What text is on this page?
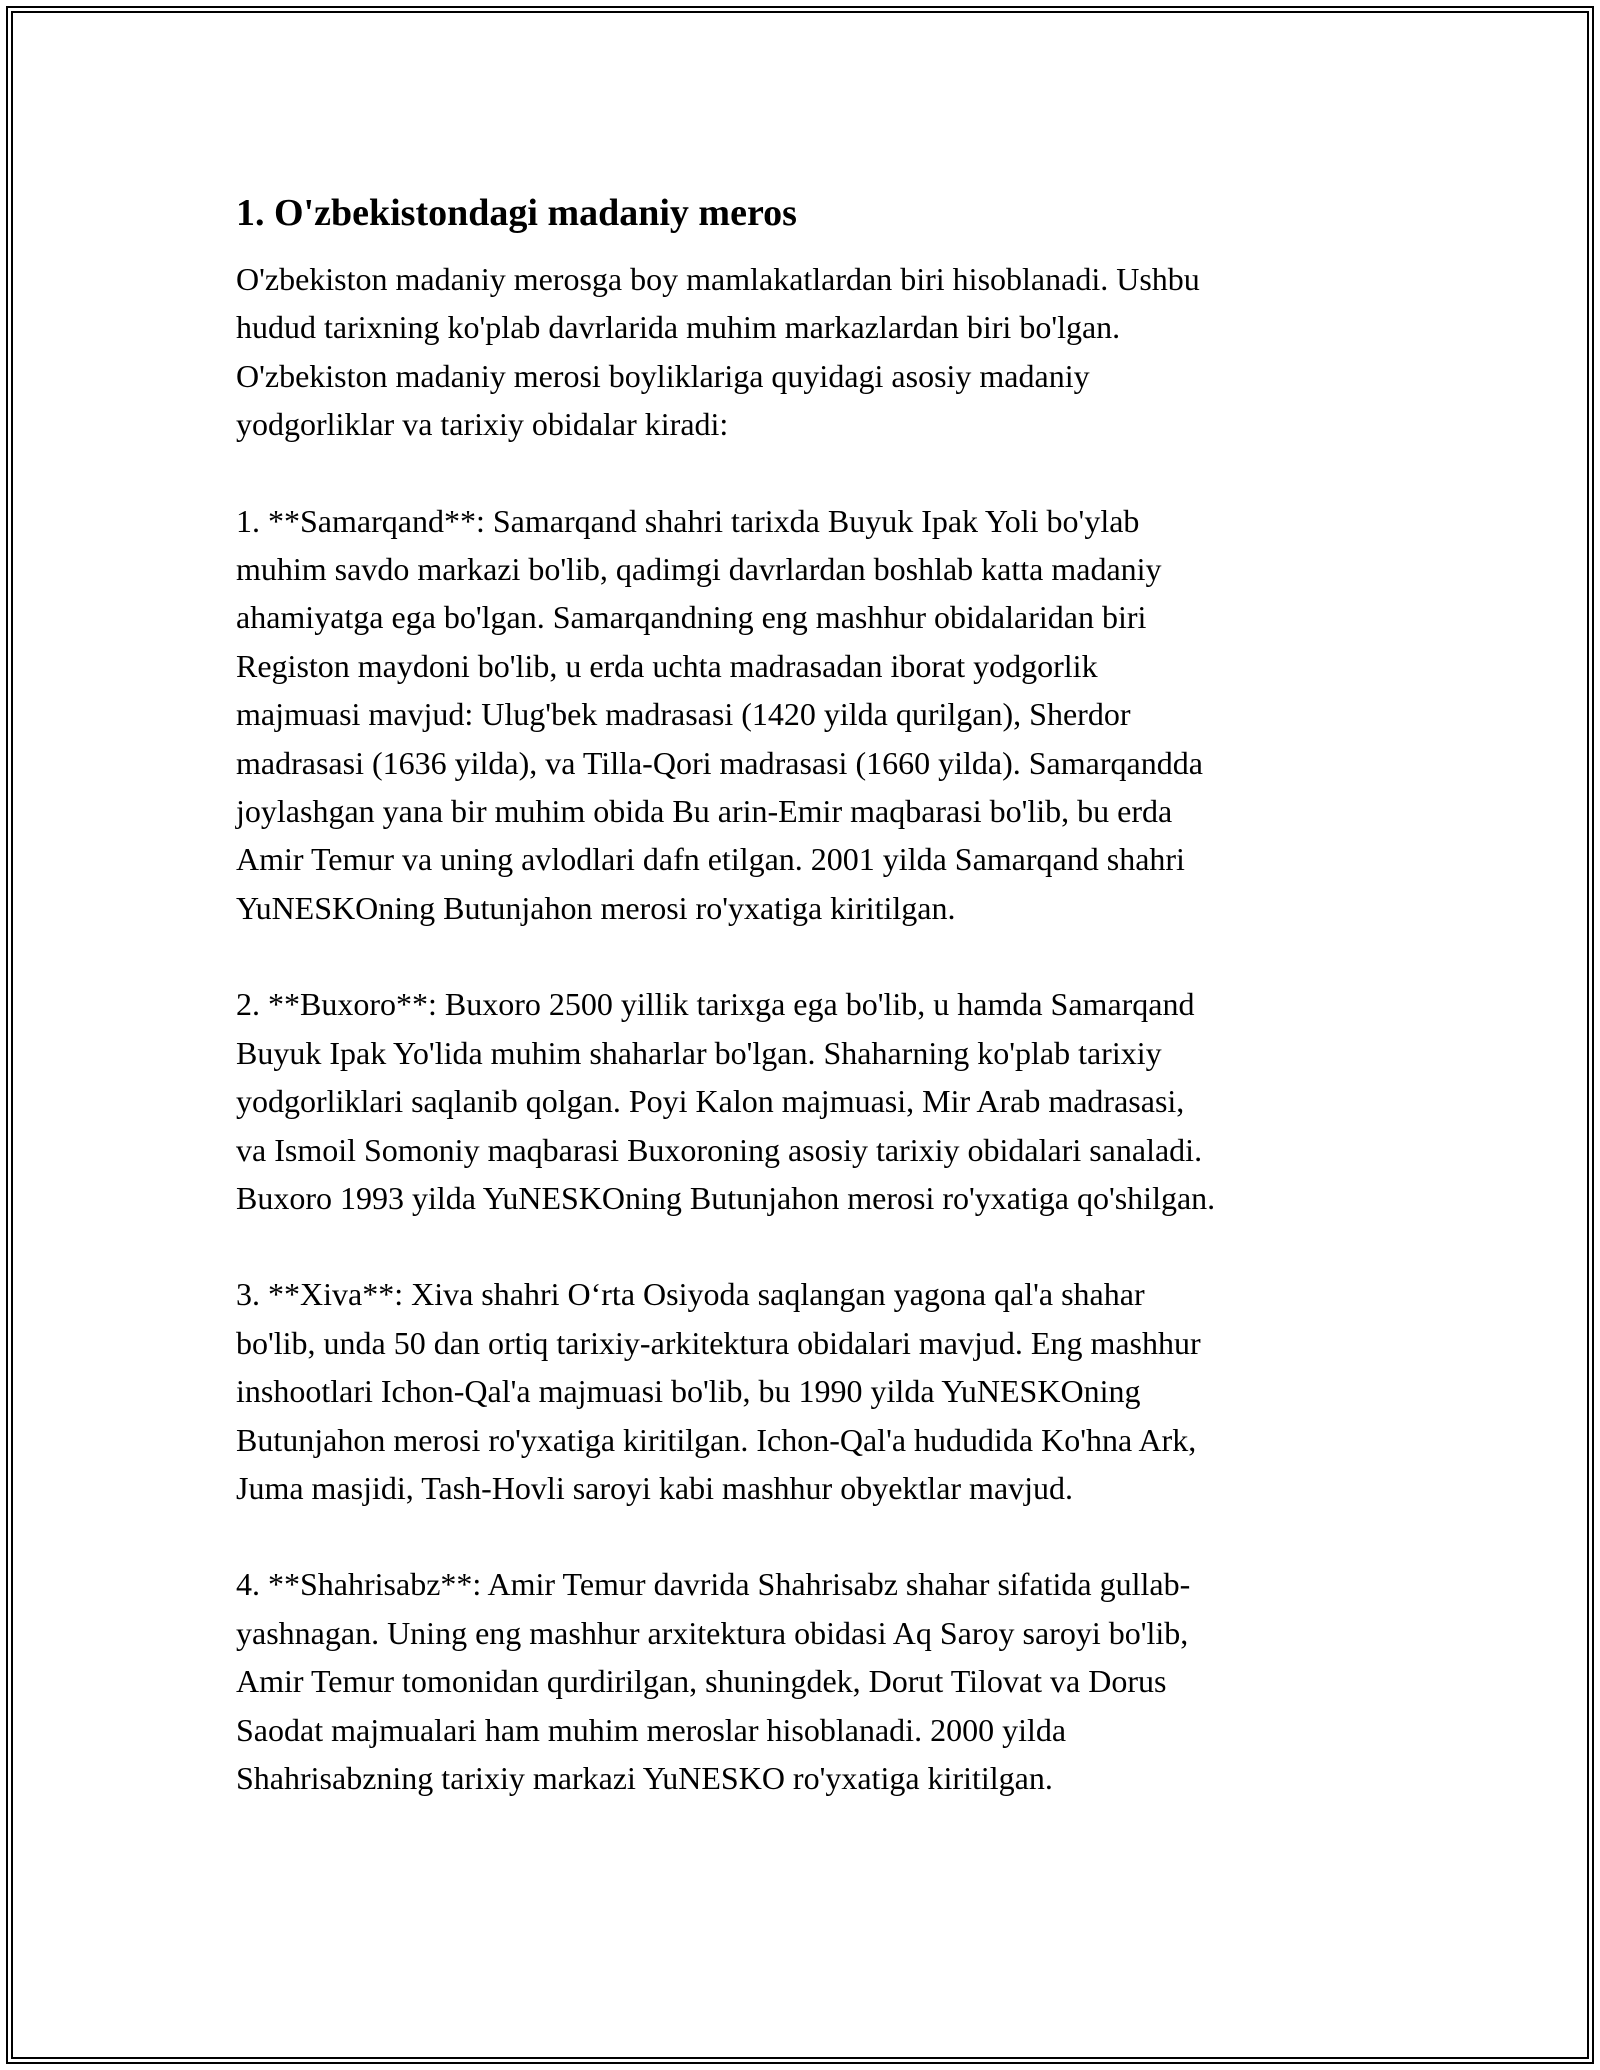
1. O'zbekistondagi madaniy meros

O'zbekiston madaniy merosga boy mamlakatlardan biri hisoblanadi. Ushbu
hudud tarixning ko'plab davrlarida muhim markazlardan biri bo'lgan.
O'zbekiston madaniy merosi boyliklariga quyidagi asosiy madaniy
yodgorliklar va tarixiy obidalar kiradi:

1. **Samarqand**: Samarqand shahri tarixda Buyuk Ipak Yoli bo'ylab
muhim savdo markazi bo'lib, qadimgi davrlardan boshlab katta madaniy
ahamiyatga ega bo'lgan. Samarqandning eng mashhur obidalaridan biri
Registon maydoni bo'lib, u erda uchta madrasadan iborat yodgorlik
majmuasi mavjud: Ulug'bek madrasasi (1420 yilda qurilgan), Sherdor
madrasasi (1636 yilda), va Tilla-Qori madrasasi (1660 yilda). Samarqandda
joylashgan yana bir muhim obida Bu arin-Emir maqbarasi bo'lib, bu erda
Amir Temur va uning avlodlari dafn etilgan. 2001 yilda Samarqand shahri
YuNESKOning Butunjahon merosi ro'yxatiga kiritilgan.

2. **Buxoro**: Buxoro 2500 yillik tarixga ega bo'lib, u hamda Samarqand
Buyuk Ipak Yo'lida muhim shaharlar bo'lgan. Shaharning ko'plab tarixiy
yodgorliklari saqlanib qolgan. Poyi Kalon majmuasi, Mir Arab madrasasi,
va Ismoil Somoniy maqbarasi Buxoroning asosiy tarixiy obidalari sanaladi.
Buxoro 1993 yilda YuNESKOning Butunjahon merosi ro'yxatiga qo'shilgan.

3. **Xiva**: Xiva shahri O‘rta Osiyoda saqlangan yagona qal'a shahar
bo'lib, unda 50 dan ortiq tarixiy-arkitektura obidalari mavjud. Eng mashhur
inshootlari Ichon-Qal'a majmuasi bo'lib, bu 1990 yilda YuNESKOning
Butunjahon merosi ro'yxatiga kiritilgan. Ichon-Qal'a hududida Ko'hna Ark,
Juma masjidi, Tash-Hovli saroyi kabi mashhur obyektlar mavjud.

4. **Shahrisabz**: Amir Temur davrida Shahrisabz shahar sifatida gullab-
yashnagan. Uning eng mashhur arxitektura obidasi Aq Saroy saroyi bo'lib,
Amir Temur tomonidan qurdirilgan, shuningdek, Dorut Tilovat va Dorus
Saodat majmualari ham muhim meroslar hisoblanadi. 2000 yilda
Shahrisabzning tarixiy markazi YuNESKO ro'yxatiga kiritilgan.
